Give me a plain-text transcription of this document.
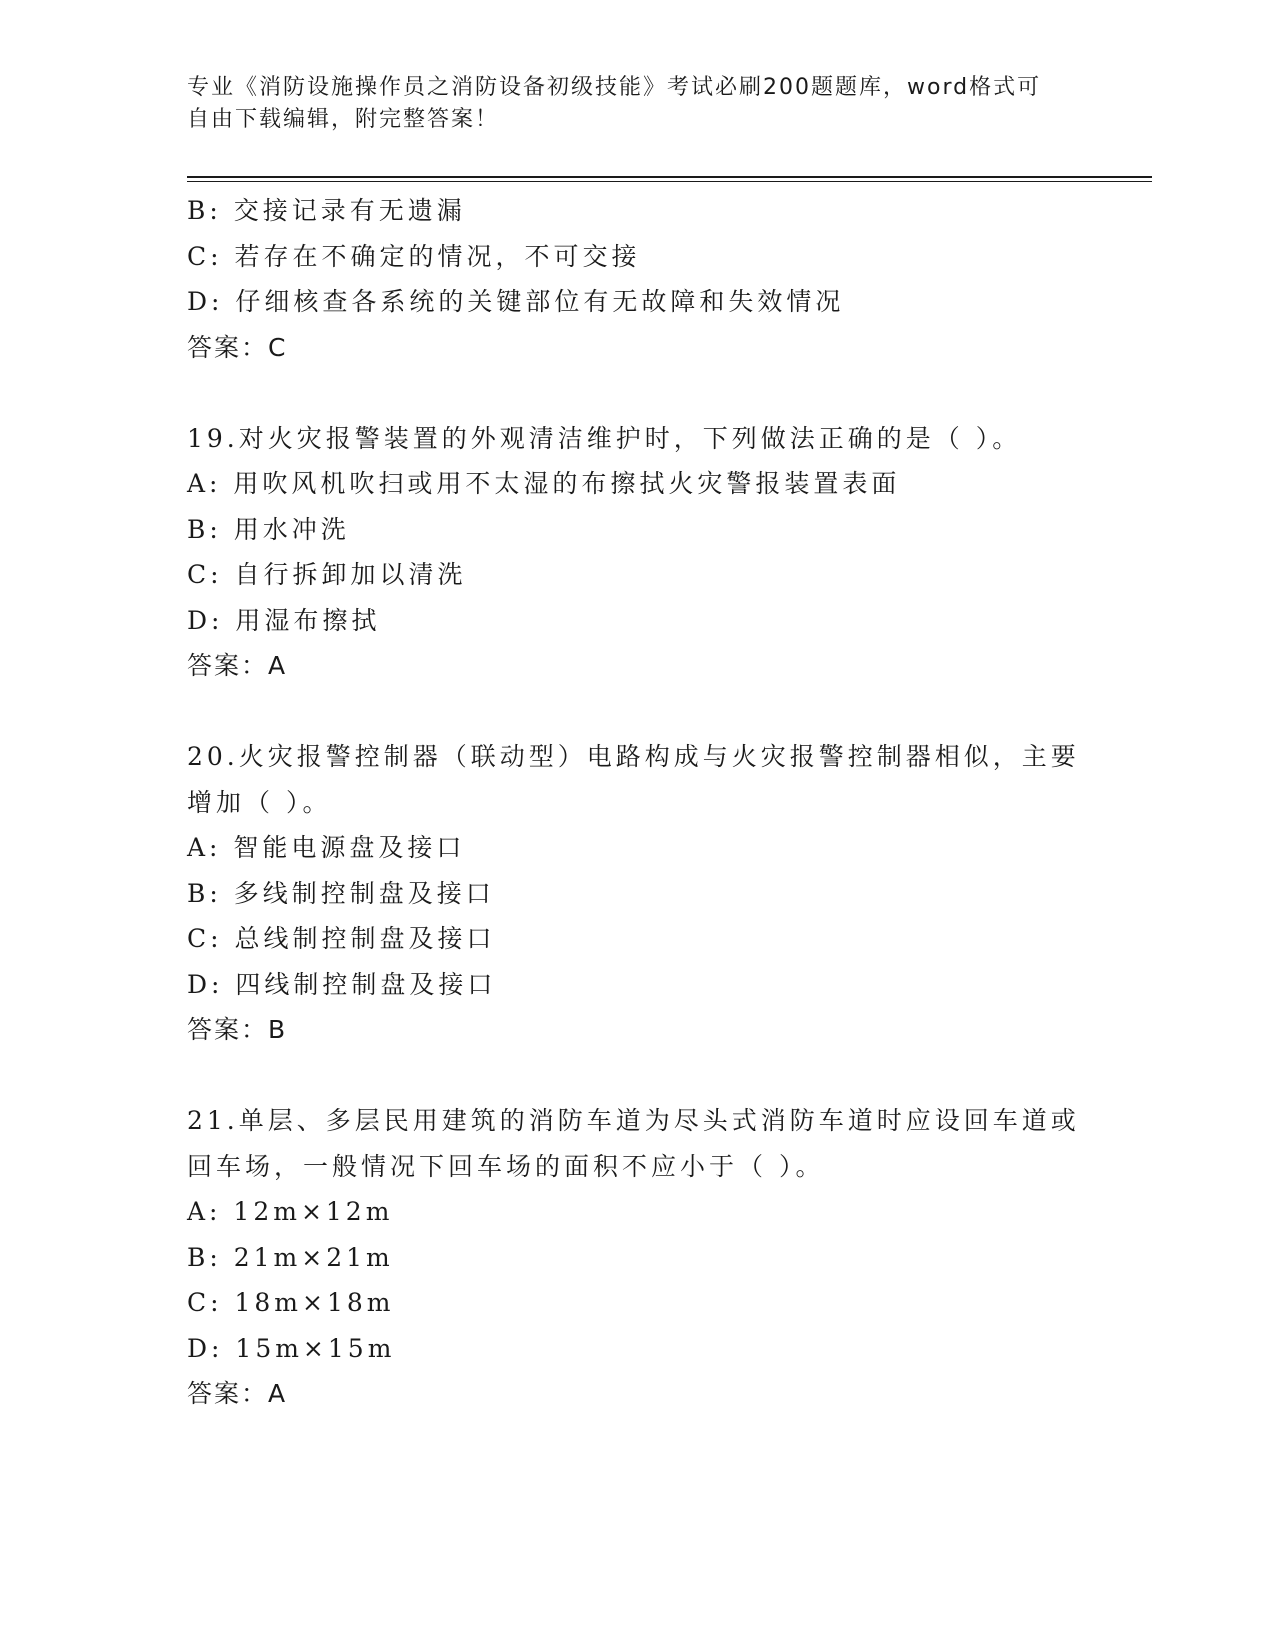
专业《消防设施操作员之消防设备初级技能》考试必刷200题题库，word格式可
自由下载编辑，附完整答案！
B: 交接记录有无遗漏
C: 若存在不确定的情况，不可交接
D: 仔细核查各系统的关键部位有无故障和失效情况
答案：C
19.对火灾报警装置的外观清洁维护时，下列做法正确的是（ ）。
A: 用吹风机吹扫或用不太湿的布擦拭火灾警报装置表面
B: 用水冲洗
C: 自行拆卸加以清洗
D: 用湿布擦拭
答案：A
20.火灾报警控制器（联动型）电路构成与火灾报警控制器相似，主要
增加（ ）。
A: 智能电源盘及接口
B: 多线制控制盘及接口
C: 总线制控制盘及接口
D: 四线制控制盘及接口
答案：B
21.单层、多层民用建筑的消防车道为尽头式消防车道时应设回车道或
回车场，一般情况下回车场的面积不应小于（ ）。
A: 12m×12m
B: 21m×21m
C: 18m×18m
D: 15m×15m
答案：A
